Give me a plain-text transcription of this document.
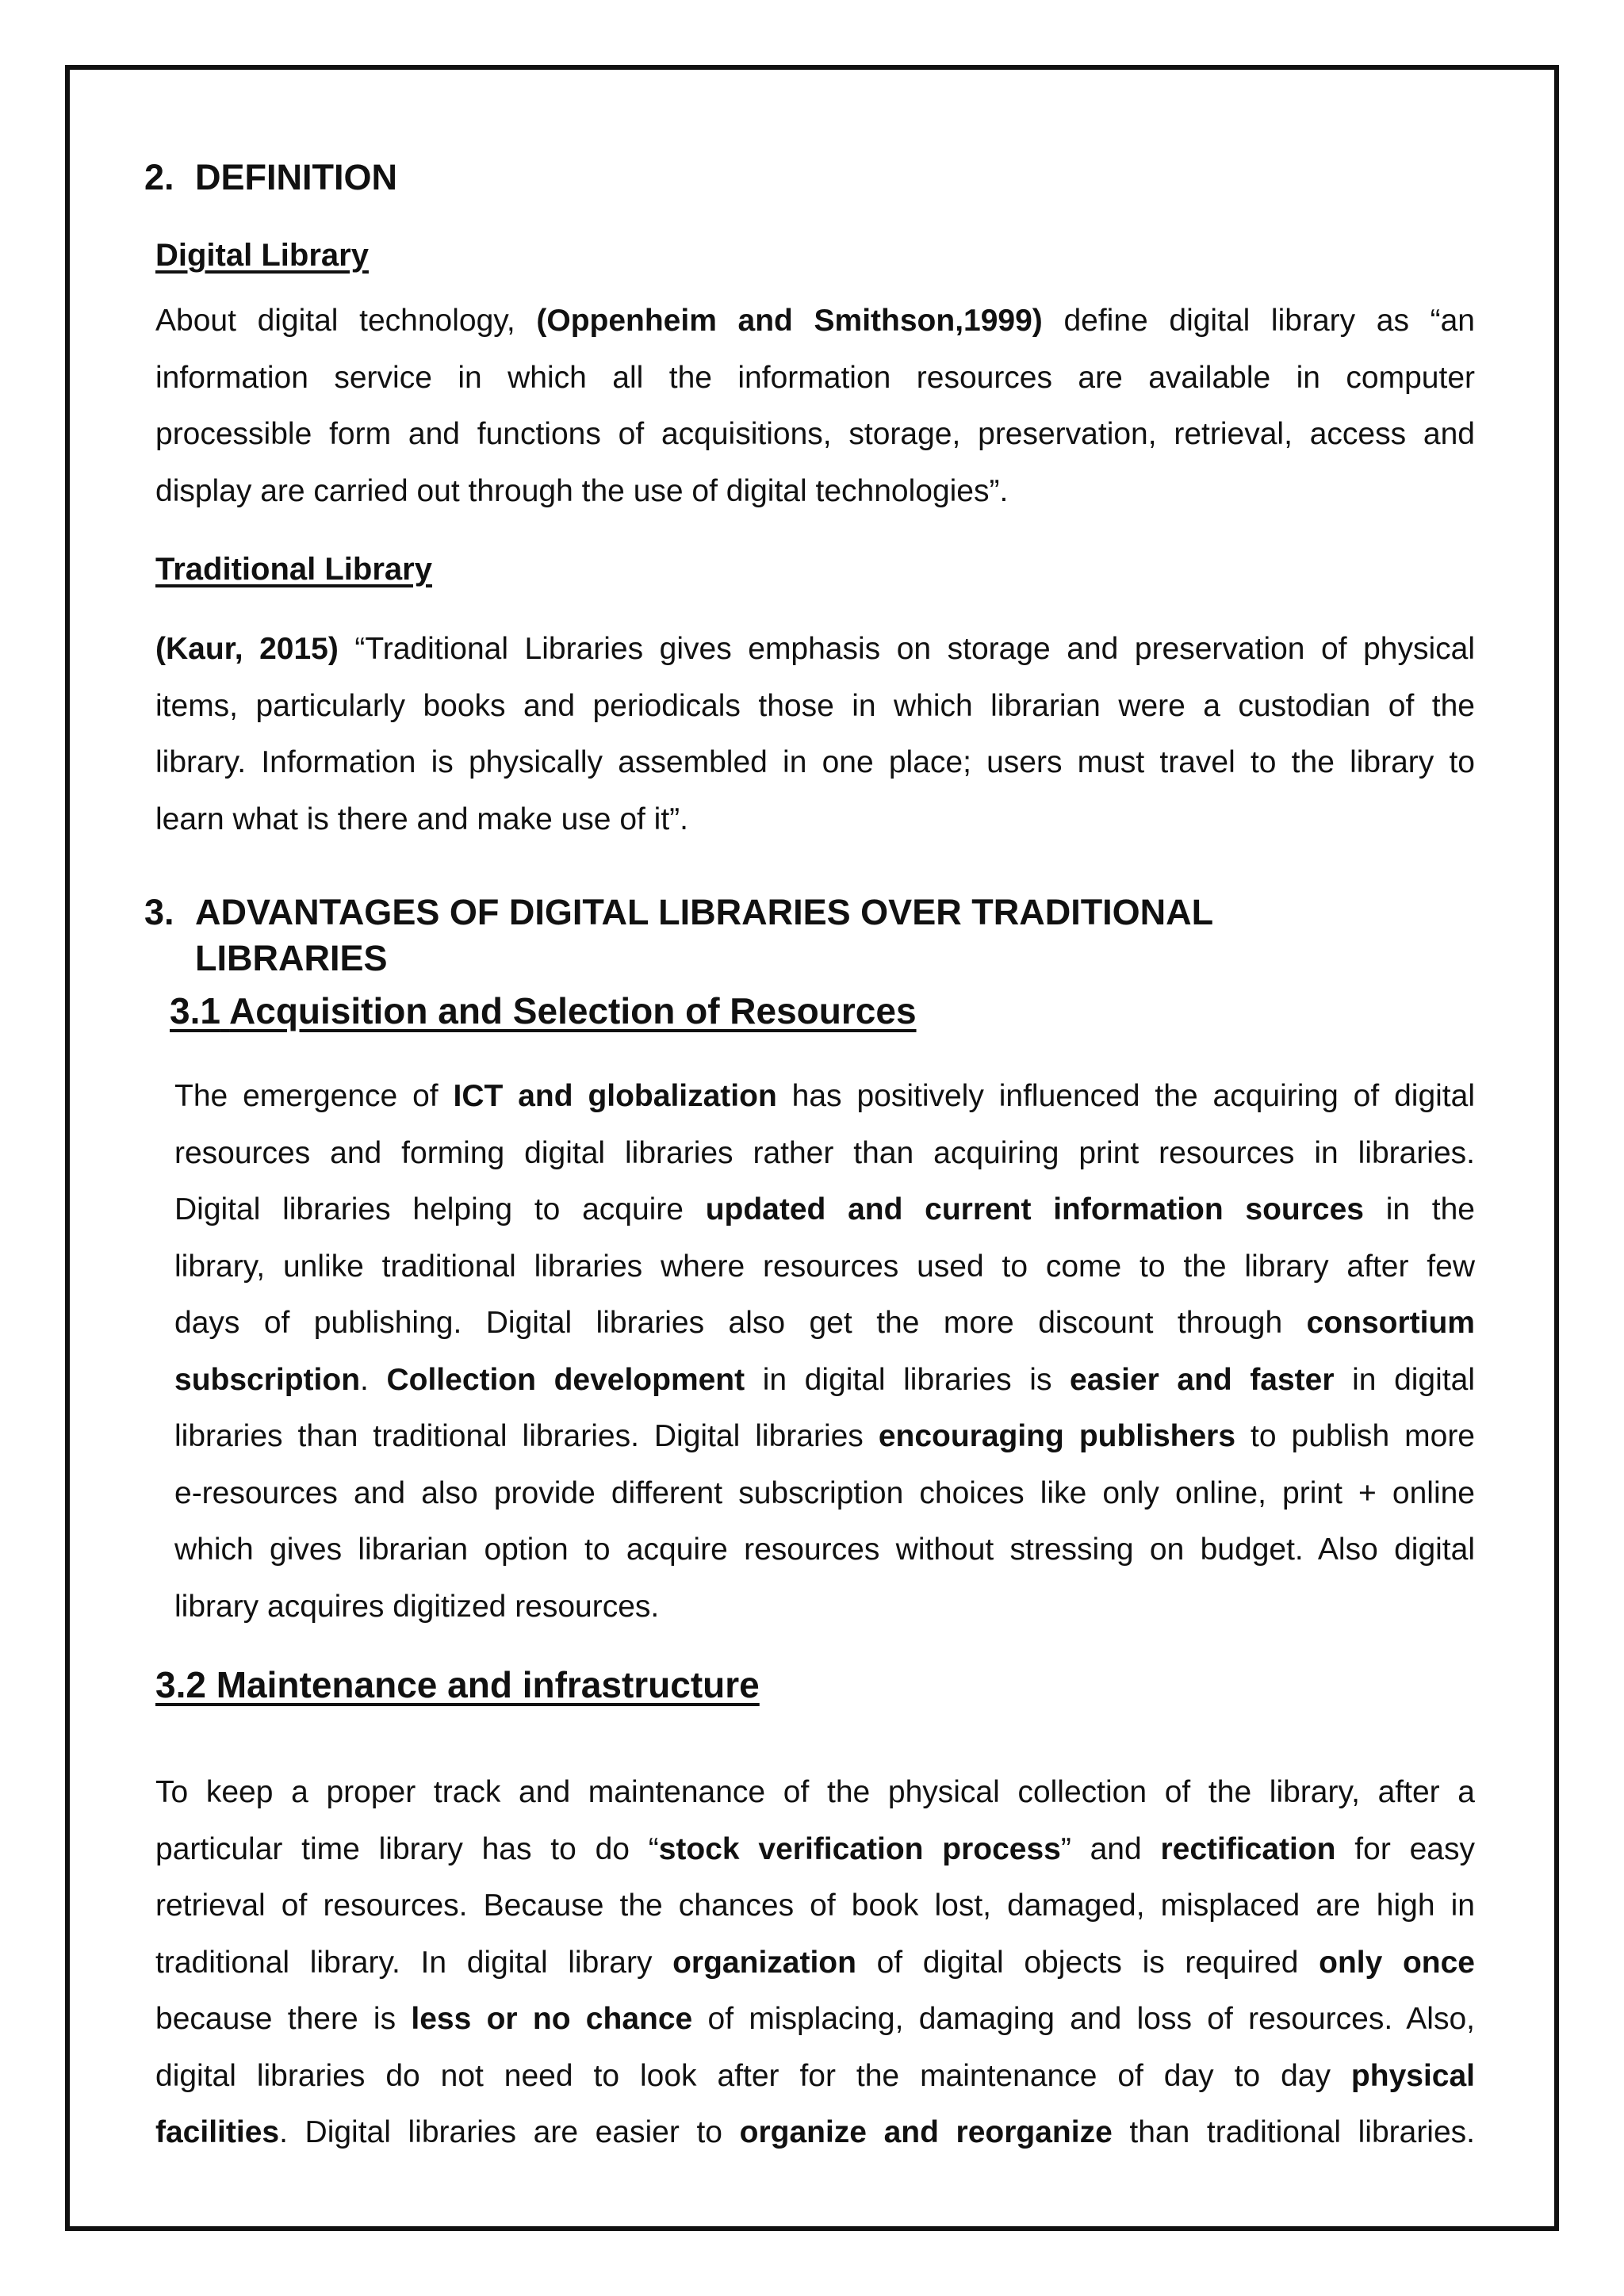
2. DEFINITION
Digital Library
About digital technology, (Oppenheim and Smithson,1999) define digital library as “an
information service in which all the information resources are available in computer
processible form and functions of acquisitions, storage, preservation, retrieval, access and
display are carried out through the use of digital technologies”.
Traditional Library
(Kaur, 2015) “Traditional Libraries gives emphasis on storage and preservation of physical
items, particularly books and periodicals those in which librarian were a custodian of the
library. Information is physically assembled in one place; users must travel to the library to
learn what is there and make use of it”.
3. ADVANTAGES OF DIGITAL LIBRARIES OVER TRADITIONAL
LIBRARIES
3.1 Acquisition and Selection of Resources
The emergence of ICT and globalization has positively influenced the acquiring of digital
resources and forming digital libraries rather than acquiring print resources in libraries.
Digital libraries helping to acquire updated and current information sources in the
library, unlike traditional libraries where resources used to come to the library after few
days of publishing. Digital libraries also get the more discount through consortium
subscription. Collection development in digital libraries is easier and faster in digital
libraries than traditional libraries. Digital libraries encouraging publishers to publish more
e-resources and also provide different subscription choices like only online, print + online
which gives librarian option to acquire resources without stressing on budget. Also digital
library acquires digitized resources.
3.2 Maintenance and infrastructure
To keep a proper track and maintenance of the physical collection of the library, after a
particular time library has to do “stock verification process” and rectification for easy
retrieval of resources. Because the chances of book lost, damaged, misplaced are high in
traditional library. In digital library organization of digital objects is required only once
because there is less or no chance of misplacing, damaging and loss of resources. Also,
digital libraries do not need to look after for the maintenance of day to day physical
facilities. Digital libraries are easier to organize and reorganize than traditional libraries.
